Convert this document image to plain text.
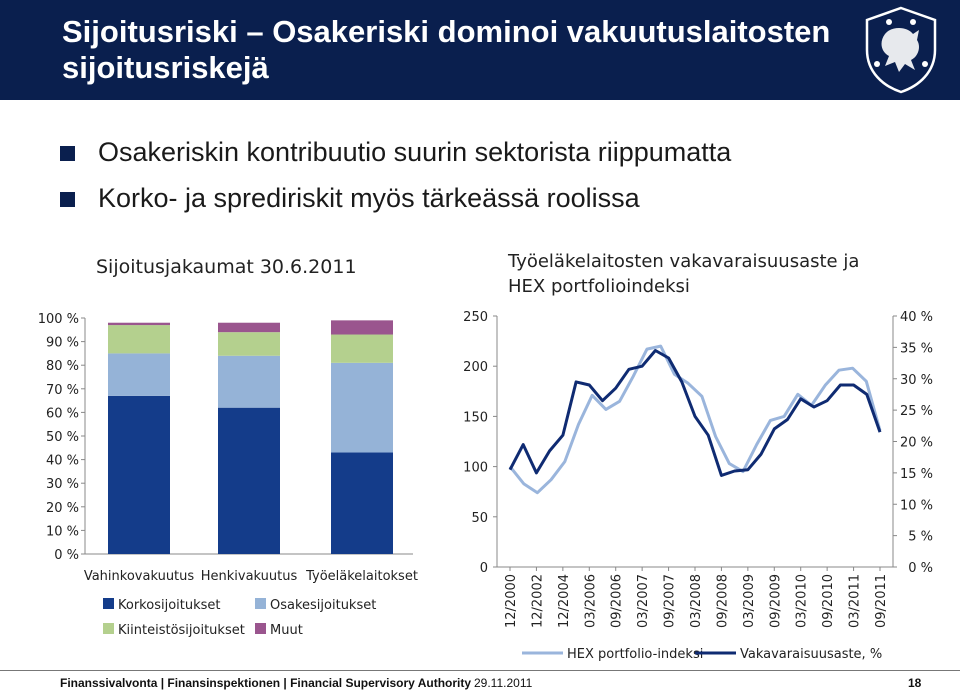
Sijoitusriski – Osakeriski dominoi vakuutuslaitosten sijoitusriskejä
Osakeriskin kontribuutio suurin sektorista riippumatta
Korko- ja sprediriskit myös tärkeässä roolissa
Sijoitusjakaumat 30.6.2011	Työeläkelaitosten vakavaraisuusaste ja
HEX portfolioindeksi
0 %
10 %
20 %
30 %
40 %
50 %
60 %
70 %
80 %
90 %
100 %
Vahinkovakuutus Henkivakuutus Työeläkelaitokset
Korkosijoitukset	Osakesijoitukset
Kiinteistösijoitukset Muut
0
50
100
150
200
250
0 %
5 %
10 %
15 %
20 %
25 %
30 %
35 %
40 %
12/2000 12/2002 12/2004 03/2006 09/2006 03/2007 09/2007 03/2008 09/2008 03/2009 09/2009 03/2010 09/2010 03/2011 09/2011
HEX portfolio-indeksi	Vakavaraisuusaste, %
Finanssivalvonta | Finansinspektionen | Financial Supervisory Authority 29.11.2011	18
